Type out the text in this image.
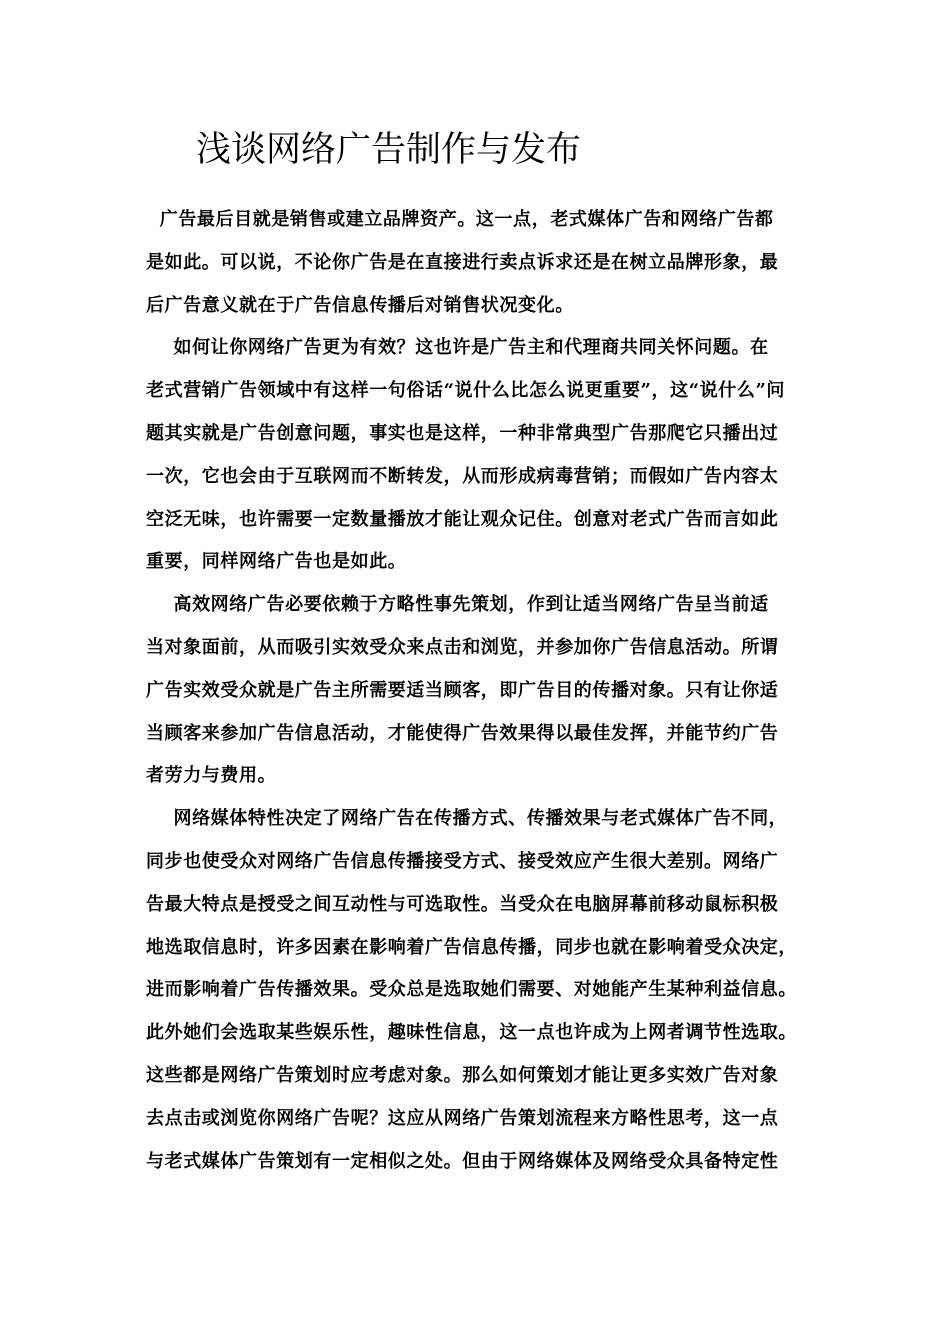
浅谈网络广告制作与发布

广告最后目就是销售或建立品牌资产。这一点，老式媒体广告和网络广告都

是如此。可以说，不论你广告是在直接进行卖点诉求还是在树立品牌形象，最

后广告意义就在于广告信息传播后对销售状况变化。

如何让你网络广告更为有效？这也许是广告主和代理商共同关怀问题。在

老式营销广告领域中有这样一句俗话“说什么比怎么说更重要”，这“说什么”问

题其实就是广告创意问题，事实也是这样，一种非常典型广告那爬它只播出过

一次，它也会由于互联网而不断转发，从而形成病毒营销；而假如广告内容太

空泛无味，也许需要一定数量播放才能让观众记住。创意对老式广告而言如此

重要，同样网络广告也是如此。

高效网络广告必要依赖于方略性事先策划，作到让适当网络广告呈当前适

当对象面前，从而吸引实效受众来点击和浏览，并参加你广告信息活动。所谓

广告实效受众就是广告主所需要适当顾客，即广告目的传播对象。只有让你适

当顾客来参加广告信息活动，才能使得广告效果得以最佳发挥，并能节约广告

者劳力与费用。

网络媒体特性决定了网络广告在传播方式、传播效果与老式媒体广告不同，

同步也使受众对网络广告信息传播接受方式、接受效应产生很大差别。网络广

告最大特点是授受之间互动性与可选取性。当受众在电脑屏幕前移动鼠标积极

地选取信息时，许多因素在影响着广告信息传播，同步也就在影响着受众决定，

进而影响着广告传播效果。受众总是选取她们需要、对她能产生某种利益信息。

此外她们会选取某些娱乐性，趣味性信息，这一点也许成为上网者调节性选取。

这些都是网络广告策划时应考虑对象。那么如何策划才能让更多实效广告对象

去点击或浏览你网络广告呢？这应从网络广告策划流程来方略性思考，这一点

与老式媒体广告策划有一定相似之处。但由于网络媒体及网络受众具备特定性
